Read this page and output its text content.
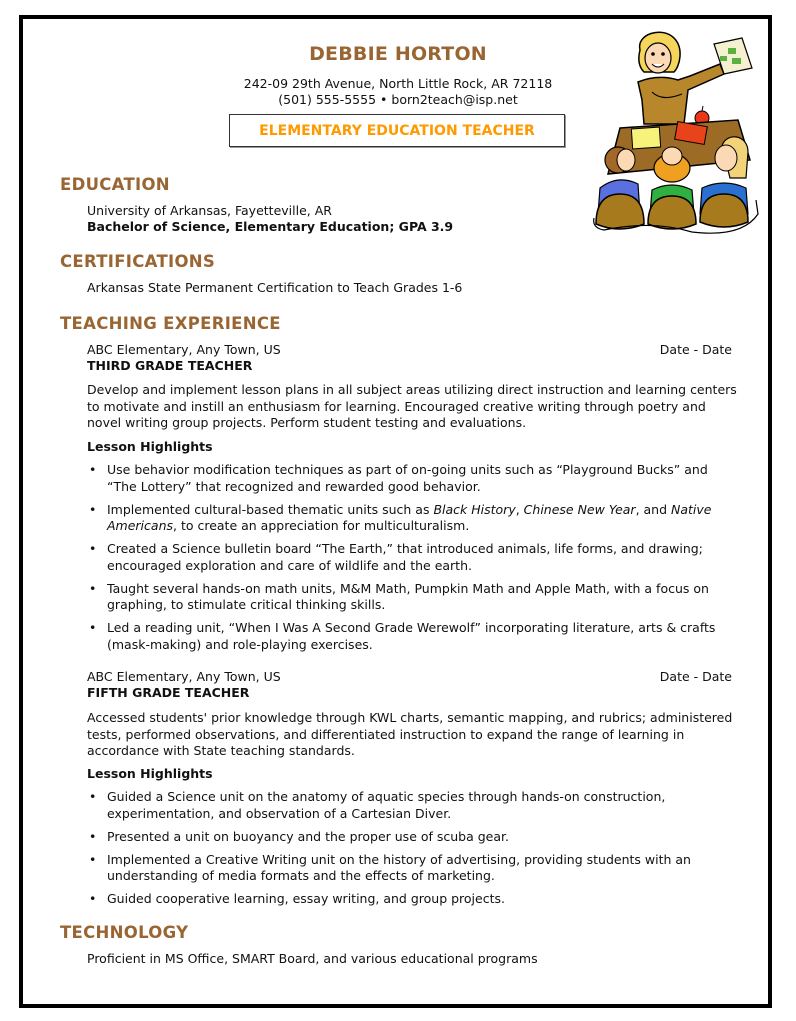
DEBBIE HORTON
242-09 29th Avenue, North Little Rock, AR 72118
(501) 555-5555 • born2teach@isp.net
ELEMENTARY EDUCATION TEACHER
EDUCATION
University of Arkansas, Fayetteville, AR
Bachelor of Science, Elementary Education; GPA 3.9
CERTIFICATIONS
Arkansas State Permanent Certification to Teach Grades 1-6
TEACHING EXPERIENCE
ABC Elementary, Any Town, US	Date - Date
THIRD GRADE TEACHER
Develop and implement lesson plans in all subject areas utilizing direct instruction and learning centers to motivate and instill an enthusiasm for learning. Encouraged creative writing through poetry and novel writing group projects. Perform student testing and evaluations.
Lesson Highlights
• Use behavior modification techniques as part of on-going units such as “Playground Bucks” and “The Lottery” that recognized and rewarded good behavior.
• Implemented cultural-based thematic units such as Black History, Chinese New Year, and Native Americans, to create an appreciation for multiculturalism.
• Created a Science bulletin board “The Earth,” that introduced animals, life forms, and drawing; encouraged exploration and care of wildlife and the earth.
• Taught several hands-on math units, M&M Math, Pumpkin Math and Apple Math, with a focus on graphing, to stimulate critical thinking skills.
• Led a reading unit, “When I Was A Second Grade Werewolf” incorporating literature, arts & crafts (mask-making) and role-playing exercises.
ABC Elementary, Any Town, US	Date - Date
FIFTH GRADE TEACHER
Accessed students' prior knowledge through KWL charts, semantic mapping, and rubrics; administered tests, performed observations, and differentiated instruction to expand the range of learning in accordance with State teaching standards.
Lesson Highlights
• Guided a Science unit on the anatomy of aquatic species through hands-on construction, experimentation, and observation of a Cartesian Diver.
• Presented a unit on buoyancy and the proper use of scuba gear.
• Implemented a Creative Writing unit on the history of advertising, providing students with an understanding of media formats and the effects of marketing.
• Guided cooperative learning, essay writing, and group projects.
TECHNOLOGY
Proficient in MS Office, SMART Board, and various educational programs
